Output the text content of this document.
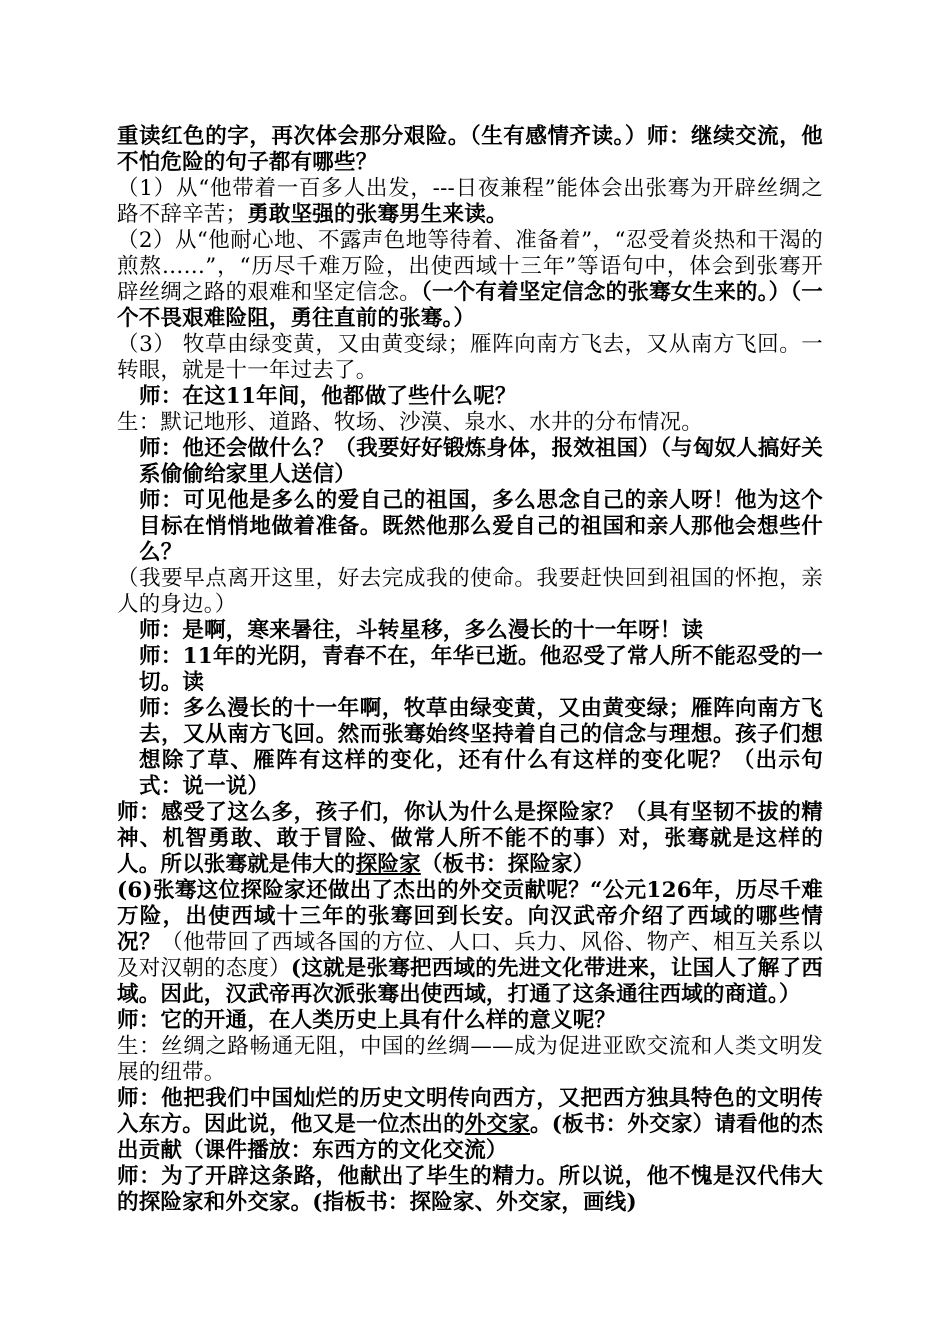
重读红色的字，再次体会那分艰险。（生有感情齐读。）师：继续交流，他不怕危险的句子都有哪些？

（1）从“他带着一百多人出发，---日夜兼程”能体会出张骞为开辟丝绸之路不辞辛苦；勇敢坚强的张骞男生来读。

（2）从“他耐心地、不露声色地等待着、准备着”，“忍受着炎热和干渴的煎熬……”，“历尽千难万险，出使西域十三年”等语句中，体会到张骞开辟丝绸之路的艰难和坚定信念。（一个有着坚定信念的张骞女生来的。）（一个不畏艰难险阻，勇往直前的张骞。）

（3） 牧草由绿变黄，又由黄变绿；雁阵向南方飞去，又从南方飞回。一转眼，就是十一年过去了。

师：在这11年间，他都做了些什么呢？

生：默记地形、道路、牧场、沙漠、泉水、水井的分布情况。

师：他还会做什么？（我要好好锻炼身体，报效祖国）（与匈奴人搞好关系偷偷给家里人送信）

师：可见他是多么的爱自己的祖国，多么思念自己的亲人呀！他为这个目标在悄悄地做着准备。既然他那么爱自己的祖国和亲人那他会想些什么？

（我要早点离开这里，好去完成我的使命。我要赶快回到祖国的怀抱，亲人的身边。）

师：是啊，寒来暑往，斗转星移，多么漫长的十一年呀！读

师：11年的光阴，青春不在，年华已逝。他忍受了常人所不能忍受的一切。读

师：多么漫长的十一年啊，牧草由绿变黄，又由黄变绿；雁阵向南方飞去，又从南方飞回。然而张骞始终坚持着自己的信念与理想。孩子们想想除了草、雁阵有这样的变化，还有什么有这样的变化呢？（出示句式：说一说）

师：感受了这么多，孩子们，你认为什么是探险家？（具有坚韧不拔的精神、机智勇敢、敢于冒险、做常人所不能不的事）对，张骞就是这样的人。所以张骞就是伟大的探险家（板书：探险家）

(6)张骞这位探险家还做出了杰出的外交贡献呢？“公元126年，历尽千难万险，出使西域十三年的张骞回到长安。向汉武帝介绍了西域的哪些情况？（他带回了西域各国的方位、人口、兵力、风俗、物产、相互关系以及对汉朝的态度）(这就是张骞把西域的先进文化带进来，让国人了解了西域。因此，汉武帝再次派张骞出使西域，打通了这条通往西域的商道。）

师：它的开通，在人类历史上具有什么样的意义呢？

生：丝绸之路畅通无阻，中国的丝绸——成为促进亚欧交流和人类文明发展的纽带。

师：他把我们中国灿烂的历史文明传向西方，又把西方独具特色的文明传入东方。因此说，他又是一位杰出的外交家。(板书：外交家）请看他的杰出贡献（课件播放：东西方的文化交流）

师：为了开辟这条路，他献出了毕生的精力。所以说，他不愧是汉代伟大的探险家和外交家。(指板书：探险家、外交家，画线)
